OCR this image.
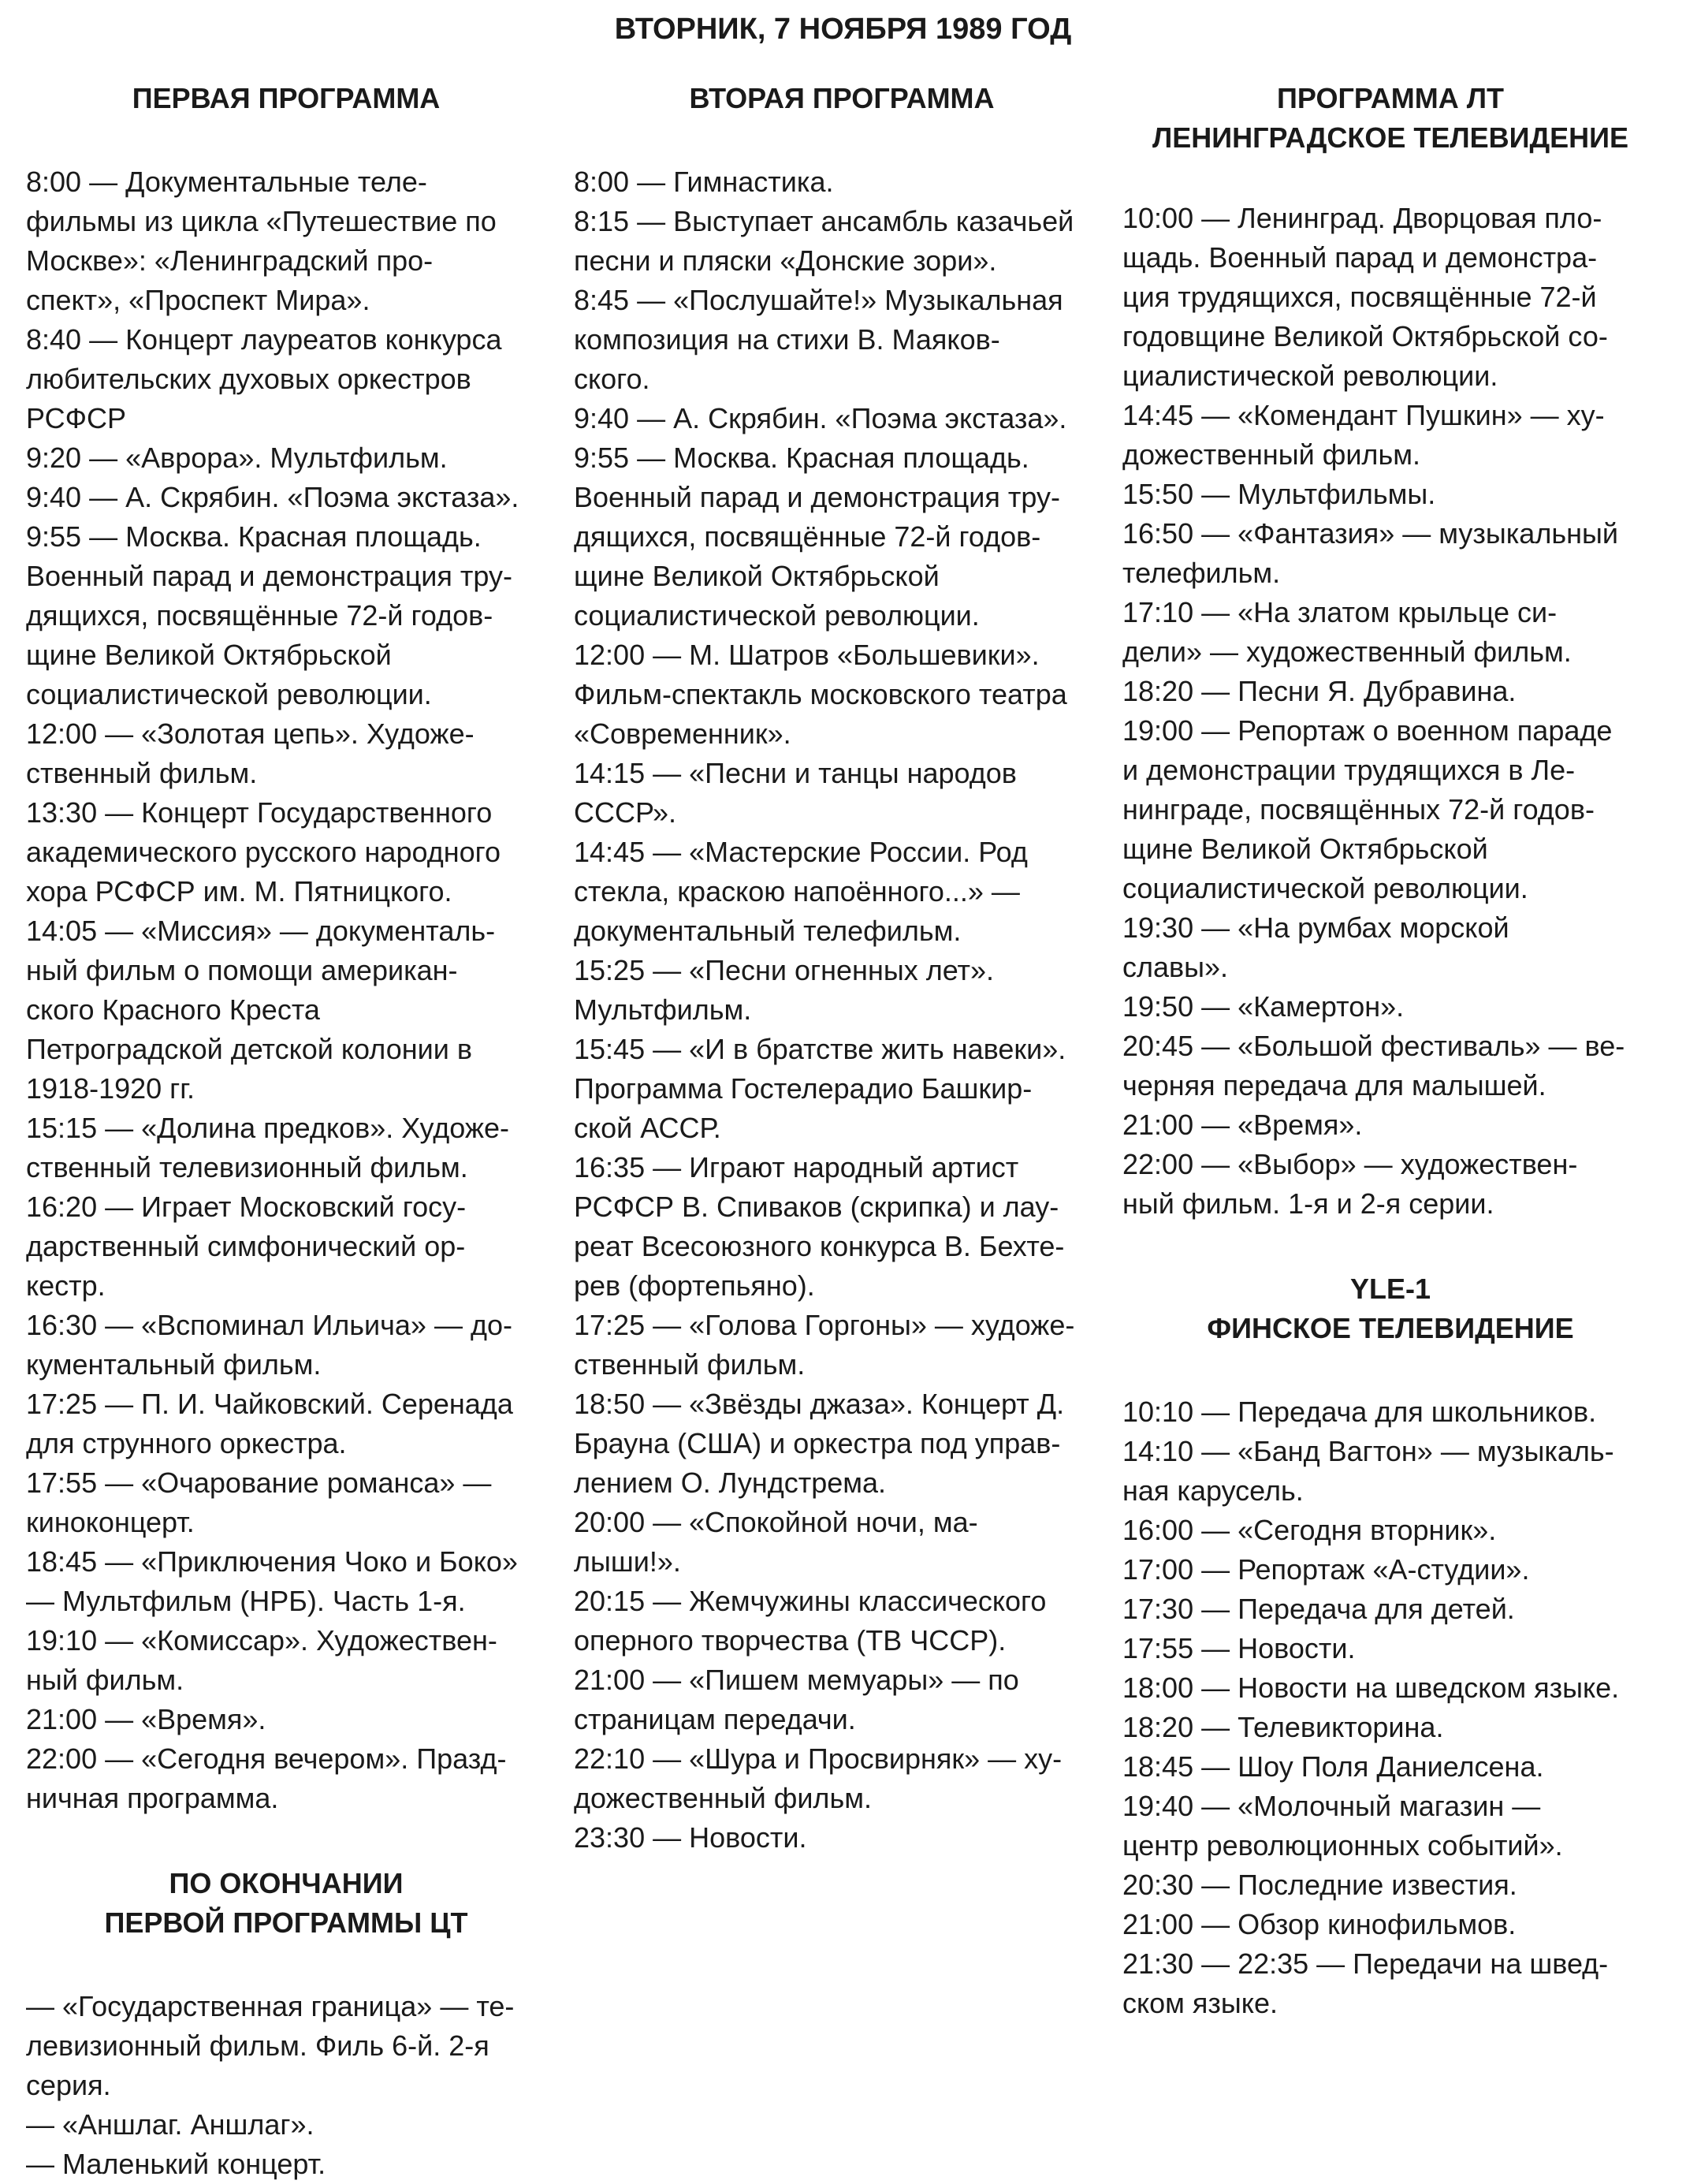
ВТОРНИК, 7 НОЯБРЯ 1989 ГОД
ПЕРВАЯ ПРОГРАММА
8:00 — Документальные теле-
фильмы из цикла «Путешествие по
Москве»: «Ленинградский про-
спект», «Проспект Мира».
8:40 — Концерт лауреатов конкурса
любительских духовых оркестров
РСФСР
9:20 — «Аврора». Мультфильм.
9:40 — А. Скрябин. «Поэма экстаза».
9:55 — Москва. Красная площадь.
Военный парад и демонстрация тру-
дящихся, посвящённые 72-й годов-
щине Великой Октябрьской
социалистической революции.
12:00 — «Золотая цепь». Художе-
ственный фильм.
13:30 — Концерт Государственного
академического русского народного
хора РСФСР им. М. Пятницкого.
14:05 — «Миссия» — документаль-
ный фильм о помощи американ-
ского Красного Креста
Петроградской детской колонии в
1918-1920 гг.
15:15 — «Долина предков». Художе-
ственный телевизионный фильм.
16:20 — Играет Московский госу-
дарственный симфонический ор-
кестр.
16:30 — «Вспоминал Ильича» — до-
кументальный фильм.
17:25 — П. И. Чайковский. Серенада
для струнного оркестра.
17:55 — «Очарование романса» —
киноконцерт.
18:45 — «Приключения Чоко и Боко»
— Мультфильм (НРБ). Часть 1-я.
19:10 — «Комиссар». Художествен-
ный фильм.
21:00 — «Время».
22:00 — «Сегодня вечером». Празд-
ничная программа.
ПО ОКОНЧАНИИ
ПЕРВОЙ ПРОГРАММЫ ЦТ
— «Государственная граница» — те-
левизионный фильм. Филь 6-й. 2-я
серия.
— «Аншлаг. Аншлаг».
— Маленький концерт.
ВТОРАЯ ПРОГРАММА
8:00 — Гимнастика.
8:15 — Выступает ансамбль казачьей
песни и пляски «Донские зори».
8:45 — «Послушайте!» Музыкальная
композиция на стихи В. Маяков-
ского.
9:40 — А. Скрябин. «Поэма экстаза».
9:55 — Москва. Красная площадь.
Военный парад и демонстрация тру-
дящихся, посвящённые 72-й годов-
щине Великой Октябрьской
социалистической революции.
12:00 — М. Шатров «Большевики».
Фильм-спектакль московского театра
«Современник».
14:15 — «Песни и танцы народов
СССР».
14:45 — «Мастерские России. Род
стекла, краскою напоённого...» —
документальный телефильм.
15:25 — «Песни огненных лет».
Мультфильм.
15:45 — «И в братстве жить навеки».
Программа Гостелерадио Башкир-
ской АССР.
16:35 — Играют народный артист
РСФСР В. Спиваков (скрипка) и лау-
реат Всесоюзного конкурса В. Бехте-
рев (фортепьяно).
17:25 — «Голова Горгоны» — художе-
ственный фильм.
18:50 — «Звёзды джаза». Концерт Д.
Брауна (США) и оркестра под управ-
лением О. Лундстрема.
20:00 — «Спокойной ночи, ма-
лыши!».
20:15 — Жемчужины классического
оперного творчества (ТВ ЧССР).
21:00 — «Пишем мемуары» — по
страницам передачи.
22:10 — «Шура и Просвирняк» — ху-
дожественный фильм.
23:30 — Новости.
ПРОГРАММА ЛТ
ЛЕНИНГРАДСКОЕ ТЕЛЕВИДЕНИЕ
10:00 — Ленинград. Дворцовая пло-
щадь. Военный парад и демонстра-
ция трудящихся, посвящённые 72-й
годовщине Великой Октябрьской со-
циалистической революции.
14:45 — «Комендант Пушкин» — ху-
дожественный фильм.
15:50 — Мультфильмы.
16:50 — «Фантазия» — музыкальный
телефильм.
17:10 — «На златом крыльце си-
дели» — художественный фильм.
18:20 — Песни Я. Дубравина.
19:00 — Репортаж о военном параде
и демонстрации трудящихся в Ле-
нинграде, посвящённых 72-й годов-
щине Великой Октябрьской
социалистической революции.
19:30 — «На румбах морской
славы».
19:50 — «Камертон».
20:45 — «Большой фестиваль» — ве-
черняя передача для малышей.
21:00 — «Время».
22:00 — «Выбор» — художествен-
ный фильм. 1-я и 2-я серии.
YLE-1
ФИНСКОЕ ТЕЛЕВИДЕНИЕ
10:10 — Передача для школьников.
14:10 — «Банд Вагтон» — музыкаль-
ная карусель.
16:00 — «Сегодня вторник».
17:00 — Репортаж «А-студии».
17:30 — Передача для детей.
17:55 — Новости.
18:00 — Новости на шведском языке.
18:20 — Телевикторина.
18:45 — Шоу Поля Даниелсена.
19:40 — «Молочный магазин —
центр революционных событий».
20:30 — Последние известия.
21:00 — Обзор кинофильмов.
21:30 — 22:35 — Передачи на швед-
ском языке.
